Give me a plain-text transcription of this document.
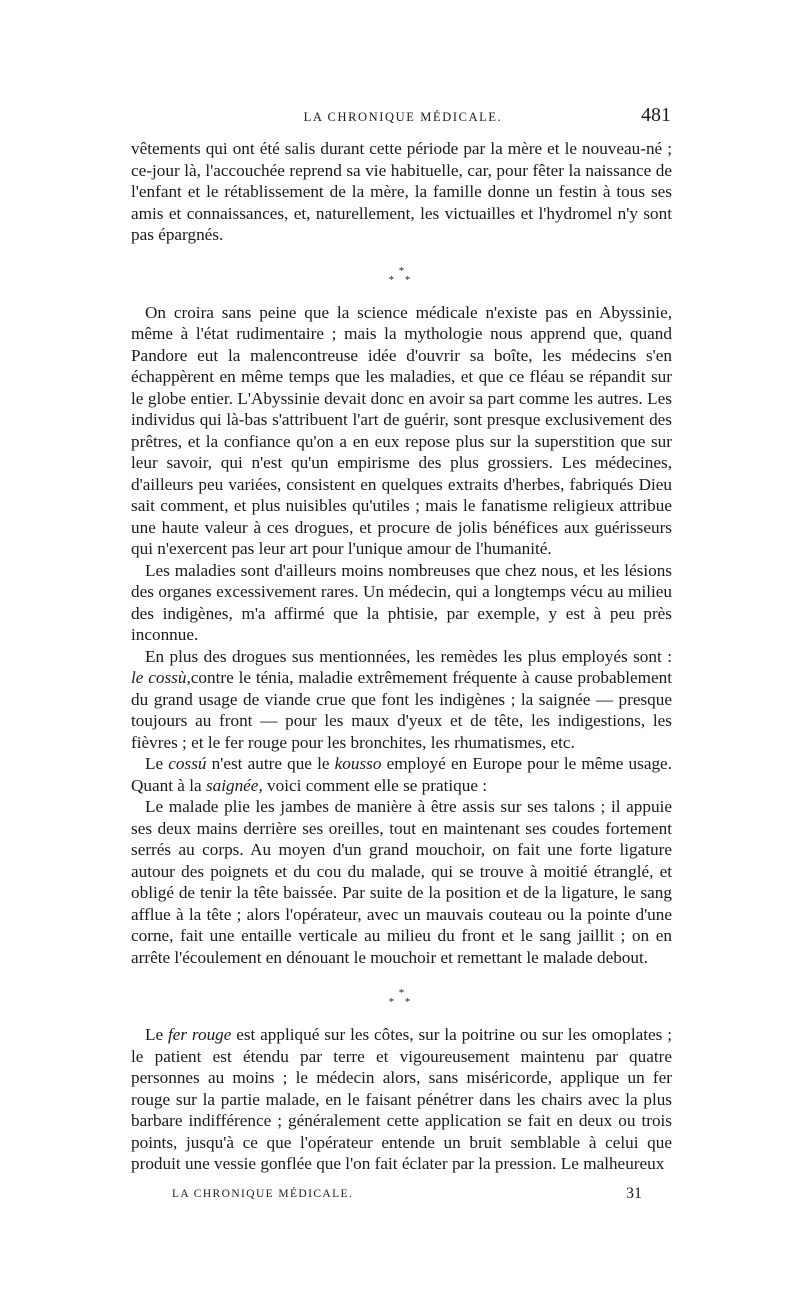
LA CHRONIQUE MÉDICALE.	481

vêtements qui ont été salis durant cette période par la mère et le nouveau-né ; ce-jour là, l'accouchée reprend sa vie habituelle, car, pour fêter la naissance de l'enfant et le rétablissement de la mère, la famille donne un festin à tous ses amis et connaissances, et, naturellement, les victuailles et l'hydromel n'y sont pas épargnés.

*
* *

On croira sans peine que la science médicale n'existe pas en Abyssinie, même à l'état rudimentaire ; mais la mythologie nous apprend que, quand Pandore eut la malencontreuse idée d'ouvrir sa boîte, les médecins s'en échappèrent en même temps que les maladies, et que ce fléau se répandit sur le globe entier. L'Abyssinie devait donc en avoir sa part comme les autres. Les individus qui là-bas s'attribuent l'art de guérir, sont presque exclusivement des prêtres, et la confiance qu'on a en eux repose plus sur la superstition que sur leur savoir, qui n'est qu'un empirisme des plus grossiers. Les médecines, d'ailleurs peu variées, consistent en quelques extraits d'herbes, fabriqués Dieu sait comment, et plus nuisibles qu'utiles ; mais le fanatisme religieux attribue une haute valeur à ces drogues, et procure de jolis bénéfices aux guérisseurs qui n'exercent pas leur art pour l'unique amour de l'humanité.

Les maladies sont d'ailleurs moins nombreuses que chez nous, et les lésions des organes excessivement rares. Un médecin, qui a longtemps vécu au milieu des indigènes, m'a affirmé que la phtisie, par exemple, y est à peu près inconnue.

En plus des drogues sus mentionnées, les remèdes les plus employés sont : le cossù,contre le ténia, maladie extrêmement fréquente à cause probablement du grand usage de viande crue que font les indigènes ; la saignée — presque toujours au front — pour les maux d'yeux et de tête, les indigestions, les fièvres ; et le fer rouge pour les bronchites, les rhumatismes, etc.

Le cossú n'est autre que le kousso employé en Europe pour le même usage. Quant à la saignée, voici comment elle se pratique :

Le malade plie les jambes de manière à être assis sur ses talons ; il appuie ses deux mains derrière ses oreilles, tout en maintenant ses coudes fortement serrés au corps. Au moyen d'un grand mouchoir, on fait une forte ligature autour des poignets et du cou du malade, qui se trouve à moitié étranglé, et obligé de tenir la tête baissée. Par suite de la position et de la ligature, le sang afflue à la tête ; alors l'opérateur, avec un mauvais couteau ou la pointe d'une corne, fait une entaille verticale au milieu du front et le sang jaillit ; on en arrête l'écoulement en dénouant le mouchoir et remettant le malade debout.

*
* *

Le fer rouge est appliqué sur les côtes, sur la poitrine ou sur les omoplates ; le patient est étendu par terre et vigoureusement maintenu par quatre personnes au moins ; le médecin alors, sans miséricorde, applique un fer rouge sur la partie malade, en le faisant pénétrer dans les chairs avec la plus barbare indifférence ; généralement cette application se fait en deux ou trois points, jusqu'à ce que l'opérateur entende un bruit semblable à celui que produit une vessie gonflée que l'on fait éclater par la pression. Le malheureux

LA CHRONIQUE MÉDICALE.	31
